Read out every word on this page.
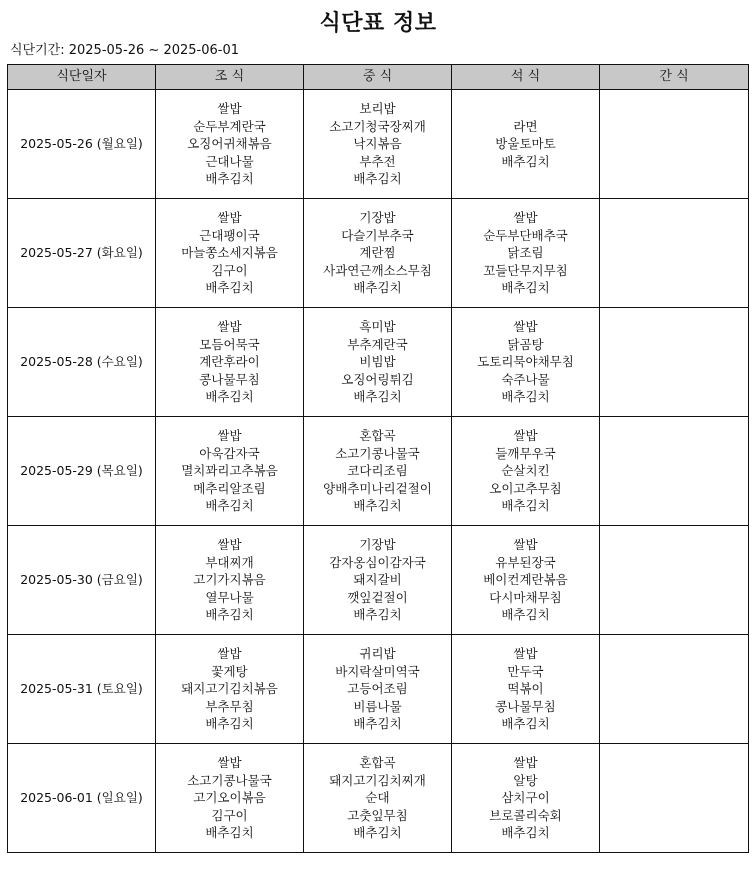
식단표 정보
식단기간: 2025-05-26 ~ 2025-06-01
식단일자	조 식	중 식	석 식	간 식
2025-05-26 (월요일)	쌀밥
순두부계란국
오징어귀채볶음
근대나물
배추김치	보리밥
소고기청국장찌개
낙지볶음
부추전
배추김치	라면
방울토마토
배추김치	

2025-05-27 (화요일)	쌀밥
근대팽이국
마늘쫑소세지볶음
김구이
배추김치	기장밥
다슬기부추국
계란찜
사과연근깨소스무침
배추김치	쌀밥
순두부단배추국
닭조림
꼬들단무지무침
배추김치	

2025-05-28 (수요일)	쌀밥
모듬어묵국
계란후라이
콩나물무침
배추김치	흑미밥
부추계란국
비빔밥
오징어링튀김
배추김치	쌀밥
닭곰탕
도토리묵야채무침
숙주나물
배추김치	

2025-05-29 (목요일)	쌀밥
아욱감자국
멸치꽈리고추볶음
메추리알조림
배추김치	혼합곡
소고기콩나물국
코다리조림
양배추미나리겉절이
배추김치	쌀밥
들깨무우국
순살치킨
오이고추무침
배추김치	

2025-05-30 (금요일)	쌀밥
부대찌개
고기가지볶음
열무나물
배추김치	기장밥
감자옹심이감자국
돼지갈비
깻잎겉절이
배추김치	쌀밥
유부된장국
베이컨계란볶음
다시마채무침
배추김치	

2025-05-31 (토요일)	쌀밥
꽃게탕
돼지고기김치볶음
부추무침
배추김치	귀리밥
바지락살미역국
고등어조림
비름나물
배추김치	쌀밥
만두국
떡볶이
콩나물무침
배추김치	

2025-06-01 (일요일)	쌀밥
소고기콩나물국
고기오이볶음
김구이
배추김치	혼합곡
돼지고기김치찌개
순대
고춧잎무침
배추김치	쌀밥
알탕
삼치구이
브로콜리숙회
배추김치	
